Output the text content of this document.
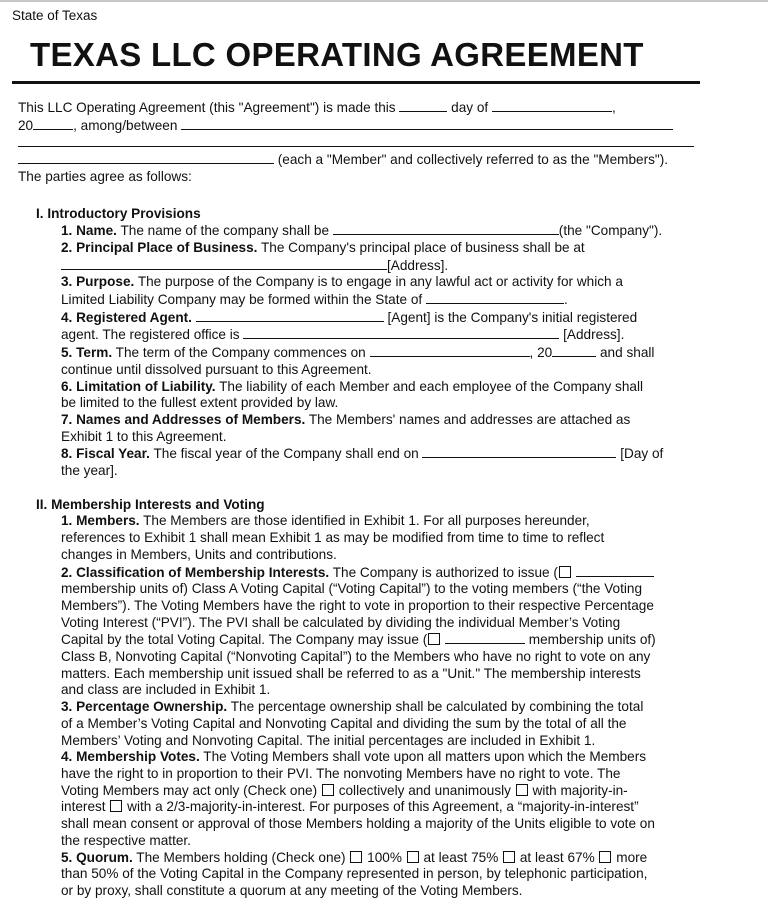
State of Texas
TEXAS LLC OPERATING AGREEMENT
This LLC Operating Agreement (this "Agreement") is made this	day of	,
20	, among/between
(each a "Member" and collectively referred to as the "Members").
The parties agree as follows:
I. Introductory Provisions
1. Name. The name of the company shall be	(the "Company").
2. Principal Place of Business. The Company's principal place of business shall be at
[Address].
3. Purpose. The purpose of the Company is to engage in any lawful act or activity for which a
Limited Liability Company may be formed within the State of	.
4. Registered Agent.	[Agent] is the Company's initial registered
agent. The registered office is	[Address].
5. Term. The term of the Company commences on	, 20	and shall
continue until dissolved pursuant to this Agreement.
6. Limitation of Liability. The liability of each Member and each employee of the Company shall
be limited to the fullest extent provided by law.
7. Names and Addresses of Members. The Members' names and addresses are attached as
Exhibit 1 to this Agreement.
8. Fiscal Year. The fiscal year of the Company shall end on	[Day of
the year].
II. Membership Interests and Voting
1. Members. The Members are those identified in Exhibit 1. For all purposes hereunder,
references to Exhibit 1 shall mean Exhibit 1 as may be modified from time to time to reflect
changes in Members, Units and contributions.
2. Classification of Membership Interests. The Company is authorized to issue (
membership units of) Class A Voting Capital (“Voting Capital”) to the voting members (“the Voting
Members”). The Voting Members have the right to vote in proportion to their respective Percentage
Voting Interest (“PVI”). The PVI shall be calculated by dividing the individual Member’s Voting
Capital by the total Voting Capital. The Company may issue (	membership units of)
Class B, Nonvoting Capital (“Nonvoting Capital”) to the Members who have no right to vote on any
matters. Each membership unit issued shall be referred to as a "Unit." The membership interests
and class are included in Exhibit 1.
3. Percentage Ownership. The percentage ownership shall be calculated by combining the total
of a Member’s Voting Capital and Nonvoting Capital and dividing the sum by the total of all the
Members’ Voting and Nonvoting Capital. The initial percentages are included in Exhibit 1.
4. Membership Votes. The Voting Members shall vote upon all matters upon which the Members
have the right to in proportion to their PVI. The nonvoting Members have no right to vote. The
Voting Members may act only (Check one) collectively and unanimously with majority-in-
interest with a 2/3-majority-in-interest. For purposes of this Agreement, a “majority-in-interest”
shall mean consent or approval of those Members holding a majority of the Units eligible to vote on
the respective matter.
5. Quorum. The Members holding (Check one) 100% at least 75% at least 67% more
than 50% of the Voting Capital in the Company represented in person, by telephonic participation,
or by proxy, shall constitute a quorum at any meeting of the Voting Members.
